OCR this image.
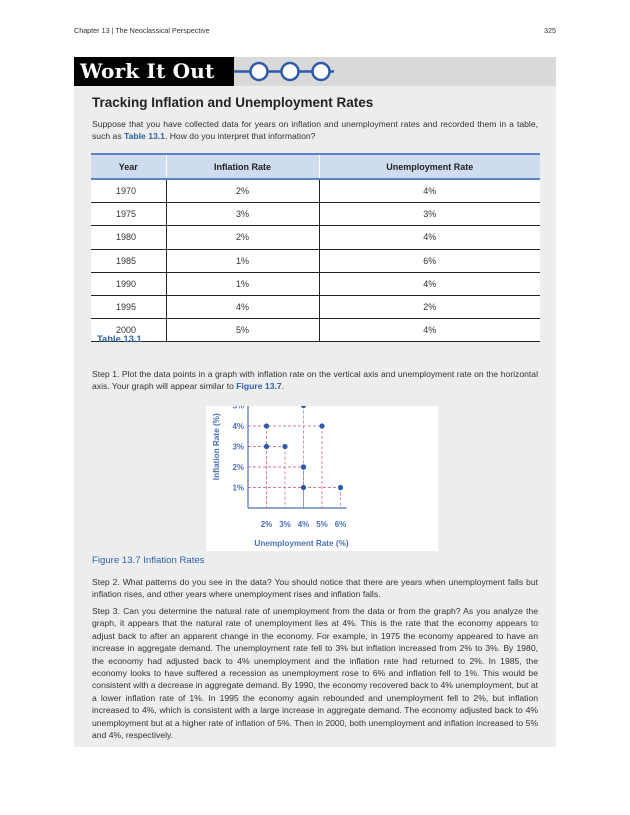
Chapter 13 | The Neoclassical Perspective	325
Work It Out
Tracking Inflation and Unemployment Rates
Suppose that you have collected data for years on inflation and unemployment rates and recorded them in a table, such as Table 13.1. How do you interpret that information?
Year	Inflation Rate	Unemployment Rate
1970	2%	4%
1975	3%	3%
1980	2%	4%
1985	1%	6%
1990	1%	4%
1995	4%	2%
2000	5%	4%
Table 13.1
Step 1. Plot the data points in a graph with inflation rate on the vertical axis and unemployment rate on the horizontal axis. Your graph will appear similar to Figure 13.7.
1%
2%
3%
4%
5%
2% 3% 4% 5% 6%
Unemployment Rate (%)
Inflation Rate (%)
Figure 13.7 Inflation Rates
Step 2. What patterns do you see in the data? You should notice that there are years when unemployment falls but inflation rises, and other years where unemployment rises and inflation falls.
Step 3. Can you determine the natural rate of unemployment from the data or from the graph? As you analyze the graph, it appears that the natural rate of unemployment lies at 4%. This is the rate that the economy appears to adjust back to after an apparent change in the economy. For example, in 1975 the economy appeared to have an increase in aggregate demand. The unemployment rate fell to 3% but inflation increased from 2% to 3%. By 1980, the economy had adjusted back to 4% unemployment and the inflation rate had returned to 2%. In 1985, the economy looks to have suffered a recession as unemployment rose to 6% and inflation fell to 1%. This would be consistent with a decrease in aggregate demand. By 1990, the economy recovered back to 4% unemployment, but at a lower inflation rate of 1%. In 1995 the economy again rebounded and unemployment fell to 2%, but inflation increased to 4%, which is consistent with a large increase in aggregate demand. The economy adjusted back to 4% unemployment but at a higher rate of inflation of 5%. Then in 2000, both unemployment and inflation increased to 5% and 4%, respectively.
